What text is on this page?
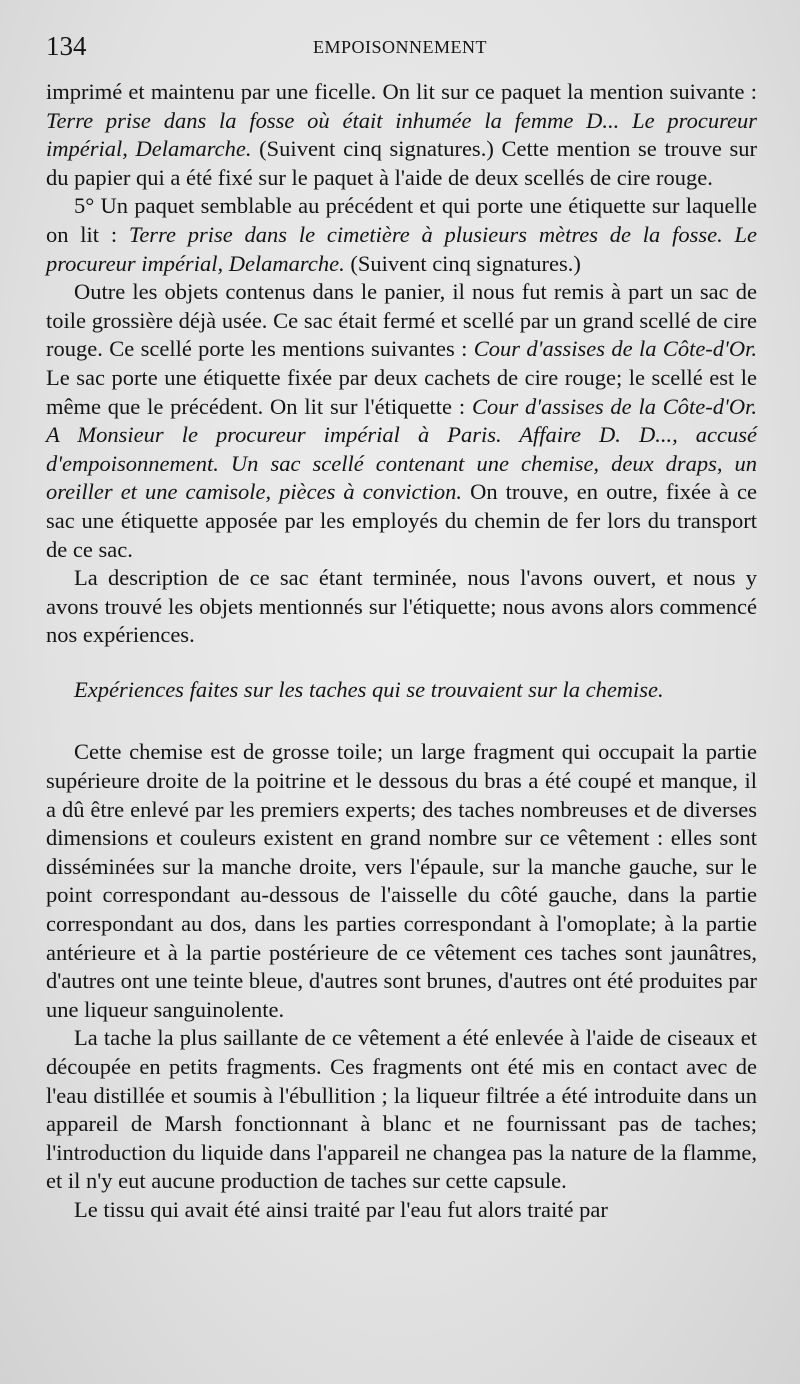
134	EMPOISONNEMENT

imprimé et maintenu par une ficelle. On lit sur ce paquet la mention suivante : Terre prise dans la fosse où était inhumée la femme D... Le procureur impérial, Delamarche. (Suivent cinq signatures.) Cette mention se trouve sur du papier qui a été fixé sur le paquet à l'aide de deux scellés de cire rouge.

5° Un paquet semblable au précédent et qui porte une étiquette sur laquelle on lit : Terre prise dans le cimetière à plusieurs mètres de la fosse. Le procureur impérial, Delamarche. (Suivent cinq signatures.)

Outre les objets contenus dans le panier, il nous fut remis à part un sac de toile grossière déjà usée. Ce sac était fermé et scellé par un grand scellé de cire rouge. Ce scellé porte les mentions suivantes : Cour d'assises de la Côte-d'Or. Le sac porte une étiquette fixée par deux cachets de cire rouge; le scellé est le même que le précédent. On lit sur l'étiquette : Cour d'assises de la Côte-d'Or. A Monsieur le procureur impérial à Paris. Affaire D. D..., accusé d'empoisonnement. Un sac scellé contenant une chemise, deux draps, un oreiller et une camisole, pièces à conviction. On trouve, en outre, fixée à ce sac une étiquette apposée par les employés du chemin de fer lors du transport de ce sac.

La description de ce sac étant terminée, nous l'avons ouvert, et nous y avons trouvé les objets mentionnés sur l'étiquette; nous avons alors commencé nos expériences.

Expériences faites sur les taches qui se trouvaient sur la chemise.

Cette chemise est de grosse toile; un large fragment qui occupait la partie supérieure droite de la poitrine et le dessous du bras a été coupé et manque, il a dû être enlevé par les premiers experts; des taches nombreuses et de diverses dimensions et couleurs existent en grand nombre sur ce vêtement : elles sont disséminées sur la manche droite, vers l'épaule, sur la manche gauche, sur le point correspondant au-dessous de l'aisselle du côté gauche, dans la partie correspondant au dos, dans les parties correspondant à l'omoplate; à la partie antérieure et à la partie postérieure de ce vêtement ces taches sont jaunâtres, d'autres ont une teinte bleue, d'autres sont brunes, d'autres ont été produites par une liqueur sanguinolente.

La tache la plus saillante de ce vêtement a été enlevée à l'aide de ciseaux et découpée en petits fragments. Ces fragments ont été mis en contact avec de l'eau distillée et soumis à l'ébullition ; la liqueur filtrée a été introduite dans un appareil de Marsh fonctionnant à blanc et ne fournissant pas de taches; l'introduction du liquide dans l'appareil ne changea pas la nature de la flamme, et il n'y eut aucune production de taches sur cette capsule.

Le tissu qui avait été ainsi traité par l'eau fut alors traité par
